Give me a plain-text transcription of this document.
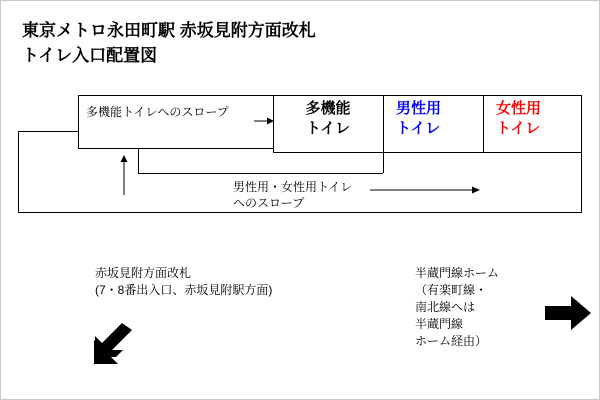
東京メトロ永田町駅 赤坂見附方面改札
トイレ入口配置図
多機能
トイレ
男性用
トイレ
女性用
トイレ
多機能トイレへのスロープ
男性用・女性用トイレ
へのスロープ
赤坂見附方面改札
(7・8番出入口、赤坂見附駅方面)
半蔵門線ホーム
（有楽町線・
南北線へは
半蔵門線
ホーム経由）
